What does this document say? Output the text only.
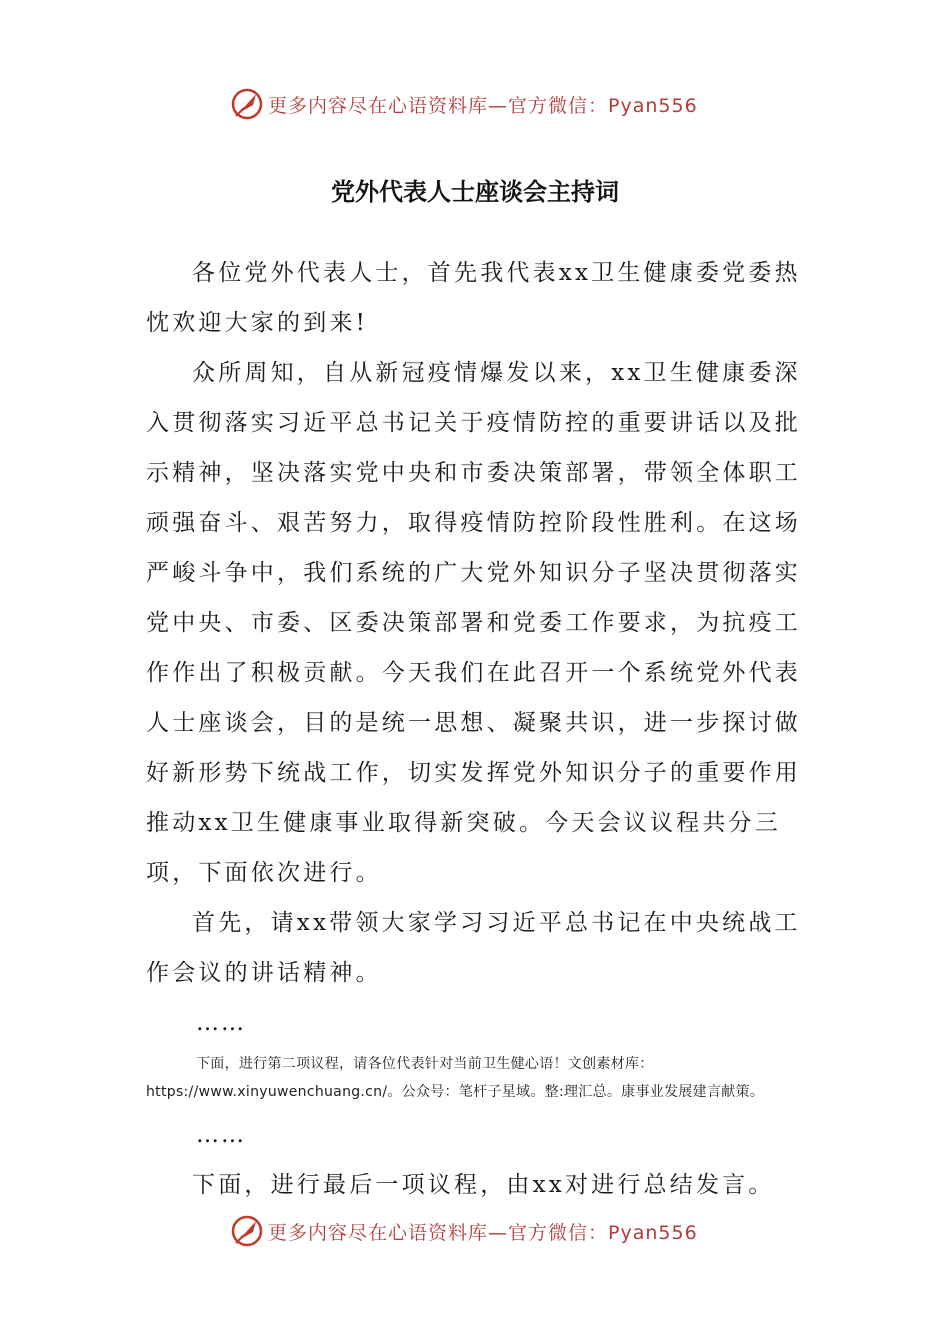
更多内容尽在心语资料库—官方微信：Pyan556
党外代表人士座谈会主持词

各位党外代表人士，首先我代表xx卫生健康委党委热忱欢迎大家的到来!

众所周知，自从新冠疫情爆发以来，xx卫生健康委深入贯彻落实习近平总书记关于疫情防控的重要讲话以及批示精神，坚决落实党中央和市委决策部署，带领全体职工顽强奋斗、艰苦努力，取得疫情防控阶段性胜利。在这场严峻斗争中，我们系统的广大党外知识分子坚决贯彻落实党中央、市委、区委决策部署和党委工作要求，为抗疫工作作出了积极贡献。今天我们在此召开一个系统党外代表人士座谈会，目的是统一思想、凝聚共识，进一步探讨做好新形势下统战工作，切实发挥党外知识分子的重要作用推动xx卫生健康事业取得新突破。今天会议议程共分三项，下面依次进行。

首先，请xx带领大家学习习近平总书记在中央统战工作会议的讲话精神。

……

下面，进行第二项议程，请各位代表针对当前卫生健心语！文创素材库：https://www.xinyuwenchuang.cn/。公众号：笔杆子星域。整:理汇总。康事业发展建言献策。

……

下面，进行最后一项议程，由xx对进行总结发言。

更多内容尽在心语资料库—官方微信：Pyan556
